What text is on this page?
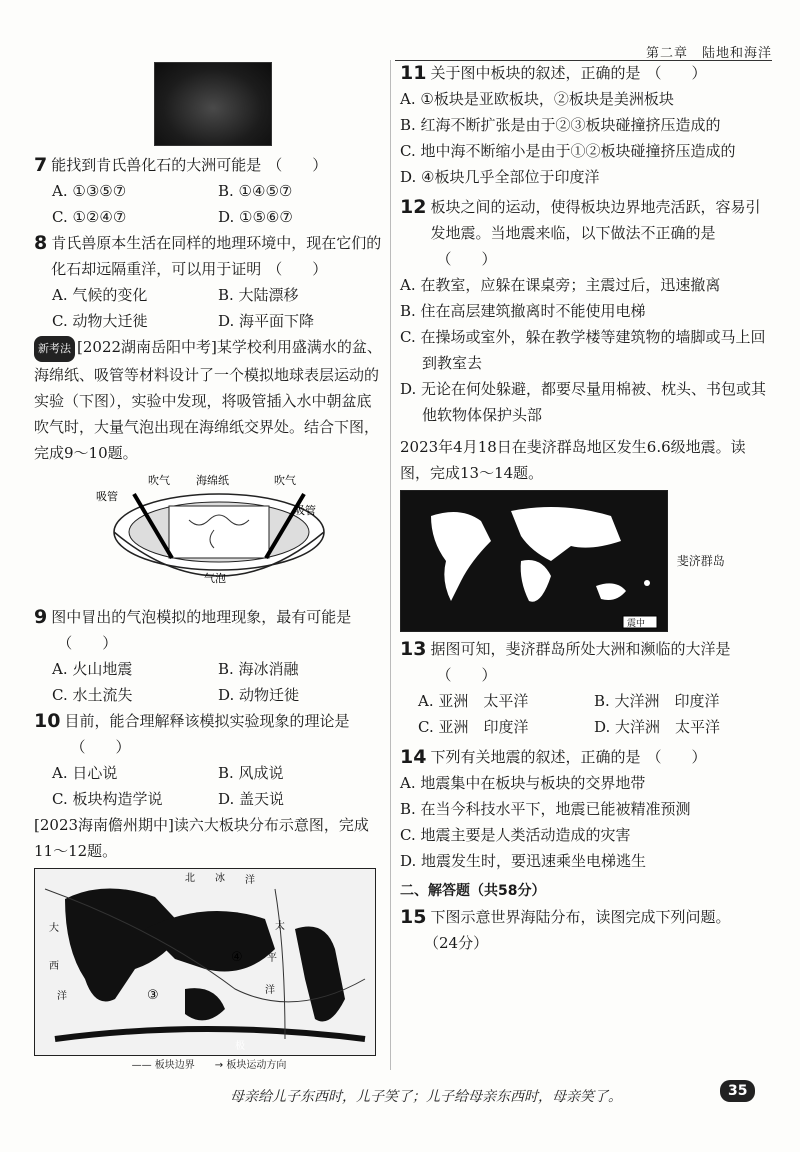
第二章　陆地和海洋
7 能找到肯氏兽化石的大洲可能是 （　　）
A. ①③⑤⑦	B. ①④⑤⑦
C. ①②④⑦	D. ①⑤⑥⑦
8 肯氏兽原本生活在同样的地理环境中，现在它们的化石却远隔重洋，可以用于证明 （　　）
A. 气候的变化	B. 大陆漂移
C. 动物大迁徙	D. 海平面下降
新考法 [2022湖南岳阳中考]某学校利用盛满水的盆、海绵纸、吸管等材料设计了一个模拟地球表层运动的实验（下图），实验中发现，将吸管插入水中朝盆底吹气时，大量气泡出现在海绵纸交界处。结合下图，完成9～10题。
海绵纸
吹气	吹气
吸管
吸管
气泡
9 图中冒出的气泡模拟的地理现象，最有可能是（　　）
A. 火山地震	B. 海冰消融
C. 水土流失	D. 动物迁徙
10 目前，能合理解释该模拟实验现象的理论是（　　）
A. 日心说	B. 风成说
C. 板块构造学说	D. 盖天说
[2023海南儋州期中]读六大板块分布示意图，完成11～12题。
北 冰 洋
大
西
洋
太
平
洋
④
③
极
—— 板块边界　　→ 板块运动方向
11 关于图中板块的叙述，正确的是 （　　）
A. ①板块是亚欧板块，②板块是美洲板块
B. 红海不断扩张是由于②③板块碰撞挤压造成的
C. 地中海不断缩小是由于①②板块碰撞挤压造成的
D. ④板块几乎全部位于印度洋
12 板块之间的运动，使得板块边界地壳活跃，容易引发地震。当地震来临，以下做法不正确的是（　　）
A. 在教室，应躲在课桌旁；主震过后，迅速撤离
B. 住在高层建筑撤离时不能使用电梯
C. 在操场或室外，躲在教学楼等建筑物的墙脚或马上回到教室去
D. 无论在何处躲避，都要尽量用棉被、枕头、书包或其他软物体保护头部
2023年4月18日在斐济群岛地区发生6.6级地震。读图，完成13～14题。
震中
斐济群岛
13 据图可知，斐济群岛所处大洲和濒临的大洋是（　　）
A. 亚洲　太平洋	B. 大洋洲　印度洋
C. 亚洲　印度洋	D. 大洋洲　太平洋
14 下列有关地震的叙述，正确的是 （　　）
A. 地震集中在板块与板块的交界地带
B. 在当今科技水平下，地震已能被精准预测
C. 地震主要是人类活动造成的灾害
D. 地震发生时，要迅速乘坐电梯逃生
二、解答题（共58分）
15 下图示意世界海陆分布，读图完成下列问题。
（24分）
母亲给儿子东西时，儿子笑了；儿子给母亲东西时，母亲笑了。	35
